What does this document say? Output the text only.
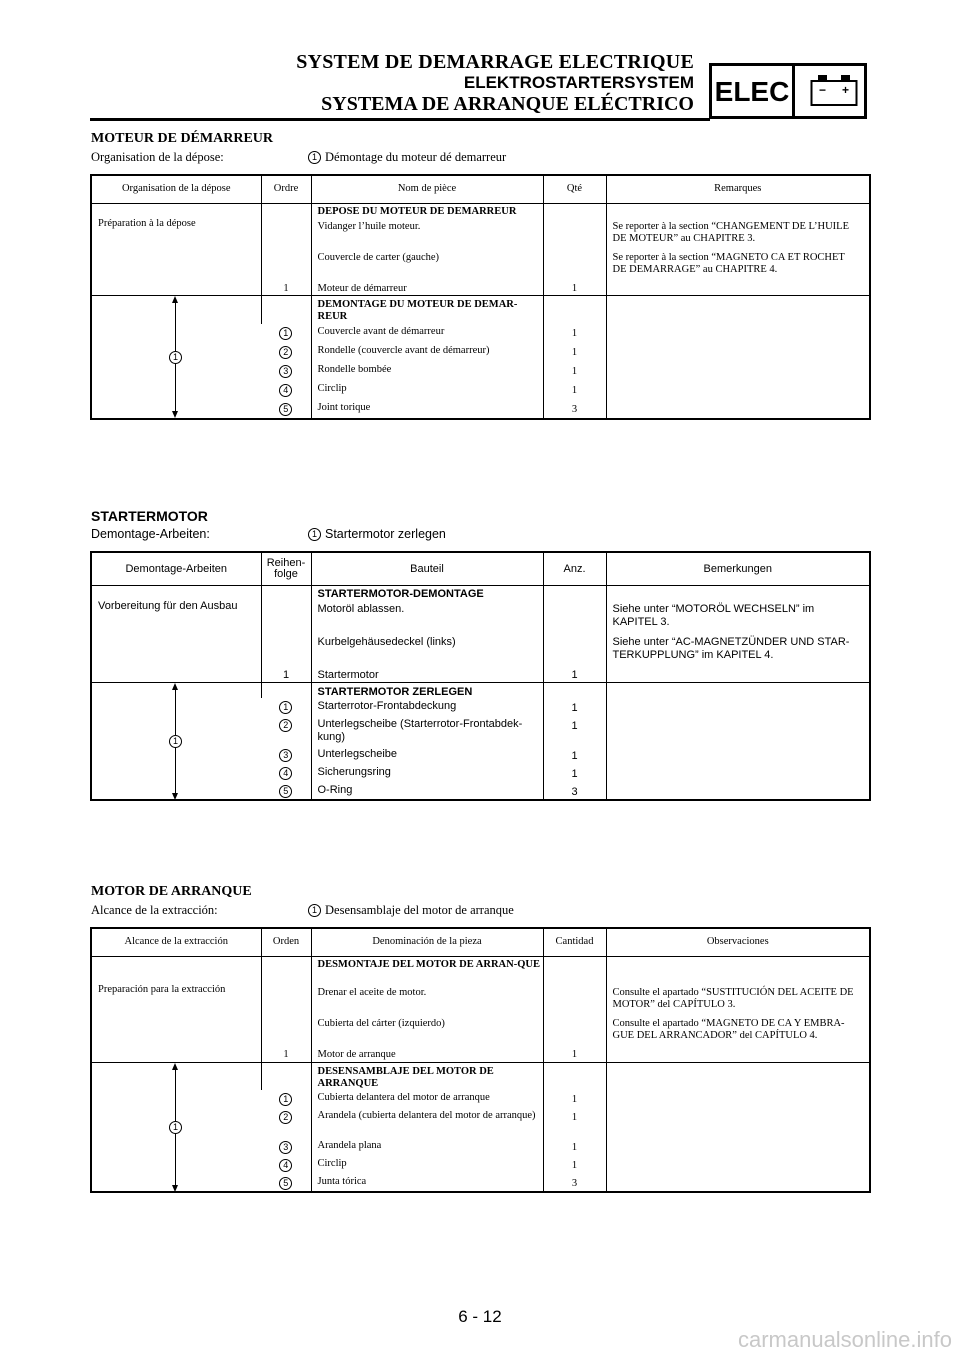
SYSTEM DE DEMARRAGE ELECTRIQUE
ELEKTROSTARTERSYSTEM
SYSTEMA DE ARRANQUE ELÉCTRICO ELEC − +
MOTEUR DE DÉMARREUR
Organisation de la dépose:	1 Démontage du moteur dé demarreur
Organisation de la dépose	Ordre	Nom de pièce	Qté	Remarques
		DEPOSE DU MOTEUR DE DEMARREUR		
Préparation à la dépose		Vidanger l’huile moteur.		Se reporter à la section “CHANGEMENT DE L’HUILE DE MOTEUR” au CHAPITRE 3.
		Couvercle de carter (gauche)		Se reporter à la section “MAGNETO CA ET ROCHET DE DEMARRAGE” au CHAPITRE 4.
	1	Moteur de démarreur	1	

1		DEMONTAGE DU MOTEUR DE DEMAR-REUR		
	1	Couvercle avant de démarreur	1	
	2	Rondelle (couvercle avant de démarreur)	1	
	3	Rondelle bombée	1	
	4	Circlip	1	
	5	Joint torique	3	
STARTERMOTOR
Demontage-Arbeiten:	1 Startermotor zerlegen
Demontage-Arbeiten	Reihen-folge	Bauteil	Anz.	Bemerkungen
		STARTERMOTOR-DEMONTAGE		
Vorbereitung für den Ausbau		Motoröl ablassen.		Siehe unter “MOTORÖL WECHSELN” im KAPITEL 3.
		Kurbelgehäusedeckel (links)		Siehe unter “AC-MAGNETZÜNDER UND STAR-TERKUPPLUNG” im KAPITEL 4.
	1	Startermotor	1	

1		STARTERMOTOR ZERLEGEN		
	1	Starterrotor-Frontabdeckung	1	
	2	Unterlegscheibe (Starterrotor-Frontabdek-kung)	1	
	3	Unterlegscheibe	1	
	4	Sicherungsring	1	
	5	O-Ring	3	
MOTOR DE ARRANQUE
Alcance de la extracción:	1 Desensamblaje del motor de arranque
Alcance de la extracción	Orden	Denominación de la pieza	Cantidad	Observaciones
		DESMONTAJE DEL MOTOR DE ARRAN-QUE		
Preparación para la extracción		Drenar el aceite de motor.		Consulte el apartado “SUSTITUCIÓN DEL ACEITE DE MOTOR” del CAPÍTULO 3.
		Cubierta del cárter (izquierdo)		Consulte el apartado “MAGNETO DE CA Y EMBRA-GUE DEL ARRANCADOR” del CAPÍTULO 4.
	1	Motor de arranque	1	

1		DESENSAMBLAJE DEL MOTOR DE ARRANQUE		
	1	Cubierta delantera del motor de arranque	1	
	2	Arandela (cubierta delantera del motor de arranque)	1	
	3	Arandela plana	1	
	4	Circlip	1	
	5	Junta tórica	3	
6 - 12
carmanualsonline.info
